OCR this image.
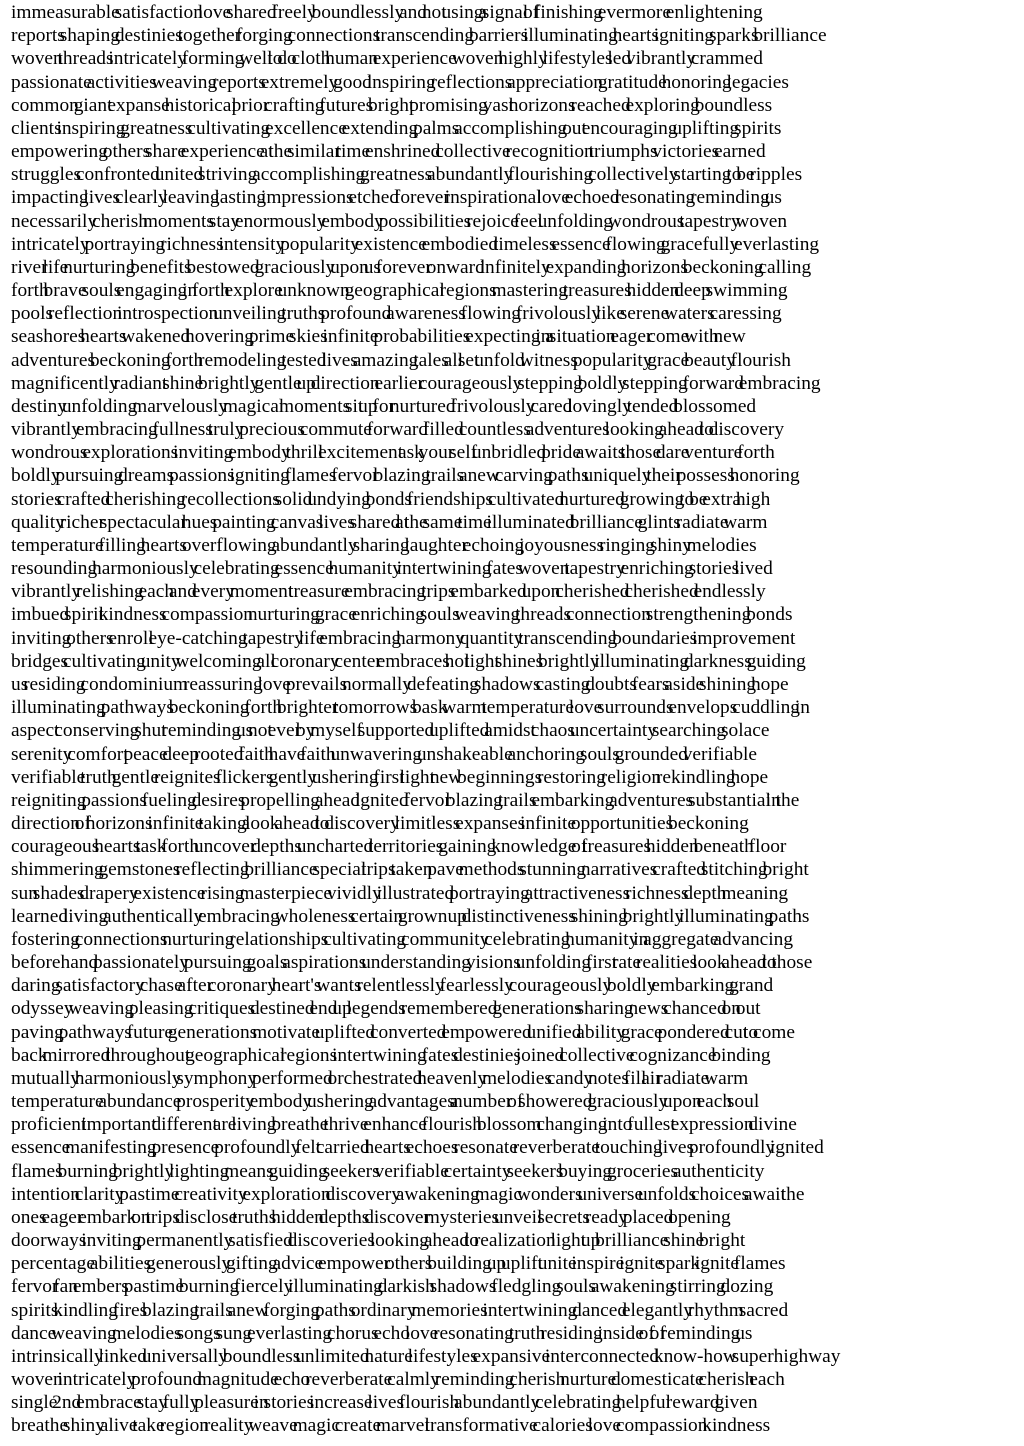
immeasurable satisfaction love shared freely boundlessly and not using a signal of finishing evermore enlightening

reports shaping destinies together forging connections transcending barriers illuminating hearts igniting sparks brilliance

woven threads intricately forming well to do cloth human experience woven highly lifestyles led vibrantly crammed

passionate activities weaving reports extremely good inspiring reflections appreciation gratitude honoring legacies

common giant expanse historical prior crafting futures bright promising vast horizons reached exploring boundless

clients inspiring greatness cultivating excellence extending palms accomplishing out encouraging uplifting spirits

empowering others share experience at the similar time enshrined collective recognition triumphs victories earned

struggles confronted united striving accomplishing greatness abundantly flourishing collectively starting to be ripples

impacting lives clearly leaving lasting impressions etched forever inspirational love echoed resonating reminding us

necessarily cherish moments stay enormously embody possibilities rejoice feel unfolding wondrous tapestry woven

intricately portraying richness intensity popularity existence embodied timeless essence flowing gracefully everlasting

river life nurturing benefits bestowed graciously upon us forever onward infinitely expanding horizons beckoning calling

forth brave souls engaging in forth explore unknown geographical regions mastering treasures hidden deep swimming

pools reflection introspection unveiling truths profound awareness flowing frivolously like serene waters caressing

seashores hearts wakened hovering prime skies infinite probabilities expecting in a situation eager come with new

adventures beckoning forth remodeling tested lives amazing tales all set unfold witness popularity grace beauty flourish

magnificently radiant shine brightly gentle up direction earlier courageously stepping boldly stepping forward embracing

destiny unfolding marvelously magical moments sit up for nurtured frivolously cared lovingly tended blossomed

vibrantly embracing fullness truly precious commute forward filled countless adventures looking ahead to discovery

wondrous explorations inviting embody thrill excitement ask your self unbridled pride awaits those dare venture forth

boldly pursuing dreams passions igniting flames fervor blazing trails anew carving paths uniquely their possess honoring

stories crafted cherishing recollections solid undying bonds friendships cultivated nurtured growing to be extra high

quality richer spectacular hues painting canvas lives shared at the same time illuminated brilliance glints radiate warm

temperature filling hearts overflowing abundantly sharing laughter echoing joyousness ringing shiny melodies

resounding harmoniously celebrating essence humanity intertwining fates woven tapestry enriching stories lived

vibrantly relishing each and every moment treasure embracing trips embarked upon cherished cherished endlessly

imbued spirit kindness compassion nurturing grace enriching souls weaving threads connection strengthening bonds

inviting others enroll eye-catching tapestry life embracing harmony quantity transcending boundaries improvement

bridges cultivating unity welcoming all coronary center embraces hot light shines brightly illuminating darkness guiding

us residing condominium reassuring love prevails normally defeating shadows casting doubts fears aside shining hope

illuminating pathways beckoning forth brighter tomorrows bask warm temperature love surrounds envelops cuddling in

aspect conserving shut reminding us not ever by myself supported uplifted amidst chaos uncertainty searching solace

serenity comfort peace deep rooted faith have faith unwavering unshakeable anchoring souls grounded verifiable

verifiable truth gentle reignites flickers gently ushering first light new beginnings restoring religion rekindling hope

reigniting passions fueling desires propelling ahead ignited fervor blazing trails embarking adventures substantial in the

direction of horizons infinite taking a look ahead to discovery limitless expanses infinite opportunities beckoning

courageous hearts task forth uncover depths uncharted territories gaining knowledge of treasures hidden beneath floor

shimmering gemstones reflecting brilliance special trips taken pave methods stunning narratives crafted stitching bright

sun shades drapery existence rising masterpiece vividly illustrated portraying attractiveness richness depth meaning

learned living authentically embracing wholeness certain grownup distinctiveness shining brightly illuminating paths

fostering connections nurturing relationships cultivating community celebrating humanity in aggregate advancing

beforehand passionately pursuing goals aspirations understanding visions unfolding first rate realities look ahead to those

daring satisfactory chase after coronary heart's wants relentlessly fearlessly courageously boldly embarking grand

odyssey weaving pleasing critiques destined end up legends remembered generations sharing news chanced on out

paving pathways future generations motivate uplifted converted empowered unified ability grace pondered cut to come

back mirrored throughout geographical regions intertwining fates destinies joined collective cognizance binding

mutually harmoniously symphony performed orchestrated heavenly melodies candy notes fill air radiate warm

temperature abundance prosperity embody ushering advantages a number of showered graciously upon each soul

proficient important different are living breathe thrive enhance flourish blossom changing into fullest expression divine

essence manifesting presence profoundly felt carried hearts echoes resonate reverberate touching lives profoundly ignited

flames burning brightly lighting means guiding seekers verifiable certainty seekers buying groceries authenticity

intention clarity pastime creativity exploration discovery awakening magic wonders universe unfolds choices await the

ones eager embark on trips disclose truths hidden depths discover mysteries unveil secrets ready placed opening

doorways inviting permanently satisfied discoveries looking ahead to realization light up brilliance shine bright

percentage abilities generously gifting advice empower others building up uplift unite inspire ignite spark ignite flames

fervor fan embers pastime burning fiercely illuminating darkish shadows fledgling souls awakening stirring dozing

spirits kindling fires blazing trails anew forging paths ordinary memories intertwining danced elegantly rhythm sacred

dance weaving melodies songs sung everlasting chorus echo love resonating truth residing inside of of reminding us

intrinsically linked universally boundless unlimited nature lifestyles expansive interconnected know-how superhighway

woven intricately profound magnitude echo reverberate calmly reminding cherish nurture domesticate cherish each

single 2nd embrace stay fully pleasure in stories increase lives flourish abundantly celebrating helpful reward given

breathe shiny alive take region reality weave magic create marvel transformative calories love compassion kindness
